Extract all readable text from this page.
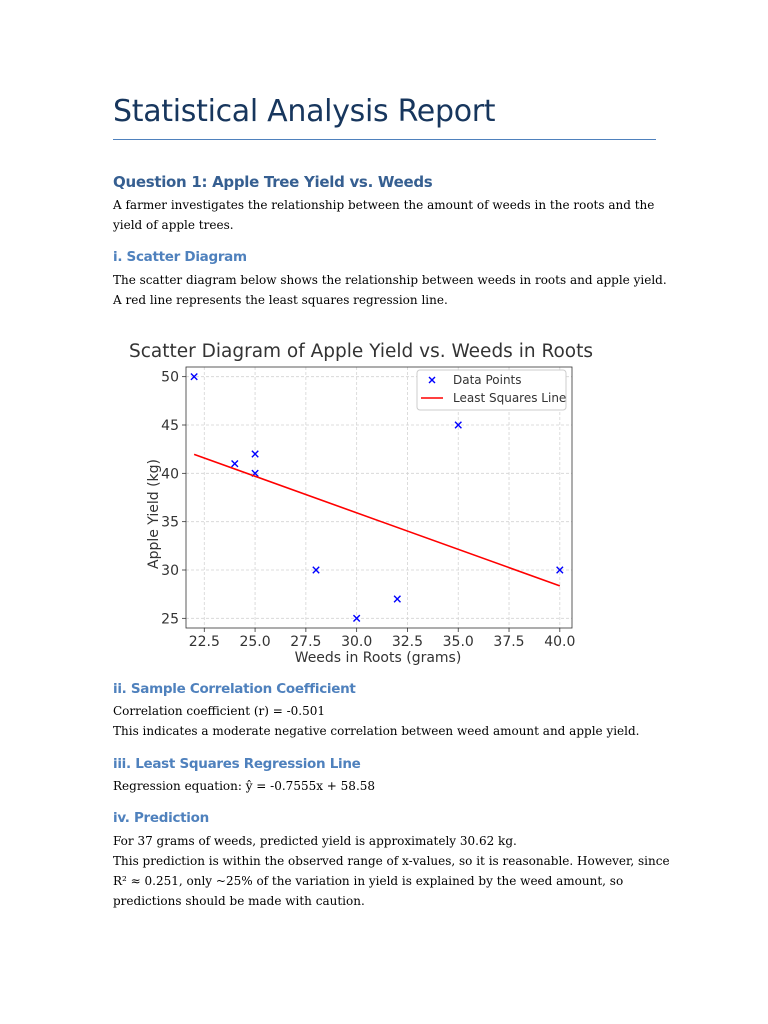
Statistical Analysis Report
Question 1: Apple Tree Yield vs. Weeds
A farmer investigates the relationship between the amount of weeds in the roots and the
yield of apple trees.
i. Scatter Diagram
The scatter diagram below shows the relationship between weeds in roots and apple yield.
A red line represents the least squares regression line.
Scatter Diagram of Apple Yield vs. Weeds in Roots
22.5 25.0 27.5 30.0 32.5 35.0 37.5 40.0
25
30
35
40
45
50
Weeds in Roots (grams)
Apple Yield (kg)
Data Points
Least Squares Line
ii. Sample Correlation Coefficient
Correlation coefficient (r) = -0.501
This indicates a moderate negative correlation between weed amount and apple yield.
iii. Least Squares Regression Line
Regression equation: ŷ = -0.7555x + 58.58
iv. Prediction
For 37 grams of weeds, predicted yield is approximately 30.62 kg.
This prediction is within the observed range of x-values, so it is reasonable. However, since
R² ≈ 0.251, only ~25% of the variation in yield is explained by the weed amount, so
predictions should be made with caution.
